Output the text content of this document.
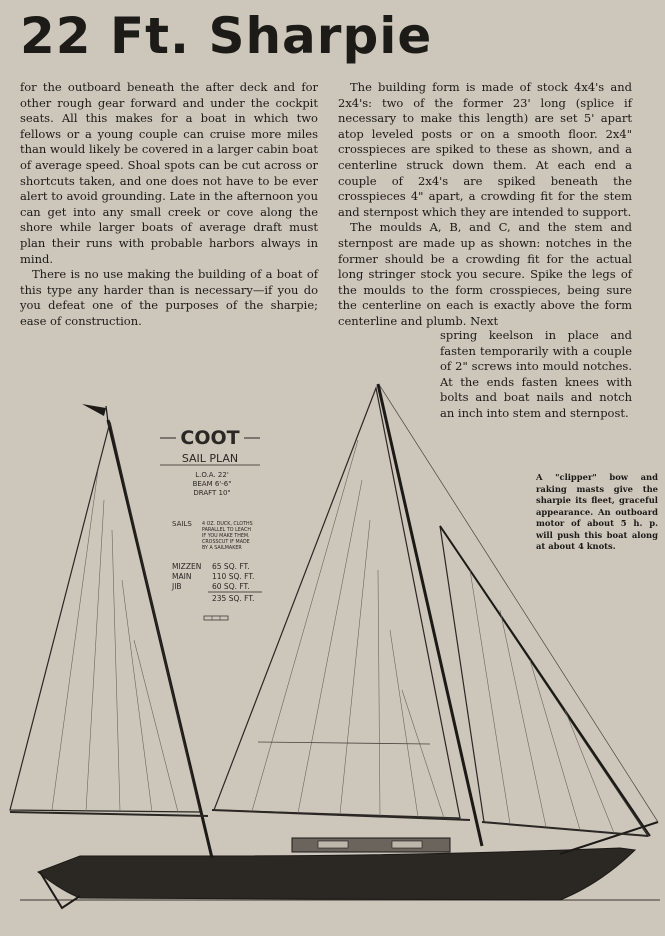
22 Ft. Sharpie

for the outboard beneath the after deck and for other rough gear forward and under the cockpit seats. All this makes for a boat in which two fellows or a young couple can cruise more miles than would likely be covered in a larger cabin boat of average speed. Shoal spots can be cut across or shortcuts taken, and one does not have to be ever alert to avoid grounding. Late in the afternoon you can get into any small creek or cove along the shore while larger boats of average draft must plan their runs with probable harbors always in mind.

There is no use making the building of a boat of this type any harder than is necessary—if you do you defeat one of the purposes of the sharpie; ease of construction.

The building form is made of stock 4x4's and 2x4's: two of the former 23' long (splice if necessary to make this length) are set 5' apart atop leveled posts or on a smooth floor. 2x4" crosspieces are spiked to these as shown, and a centerline struck down them. At each end a couple of 2x4's are spiked beneath the crosspieces 4" apart, a crowding fit for the stem and sternpost which they are intended to support.

The moulds A, B, and C, and the stem and sternpost are made up as shown: notches in the former should be a crowding fit for the actual long stringer stock you secure. Spike the legs of the moulds to the form crosspieces, being sure the centerline on each is exactly above the form centerline and plumb. Next

spring keelson in place and fasten temporarily with a couple of 2" screws into mould notches. At the ends fasten knees with bolts and boat nails and notch an inch into stem and sternpost.

A "clipper" bow and raking masts give the sharpie its fleet, graceful appearance. An outboard motor of about 5 h. p. will push this boat along at about 4 knots.
COOT
COOT
SAIL PLAN
L.O.A. 22'
BEAM 6'-6"
DRAFT 10"
SAILS 4 OZ. DUCK, CLOTHS
PARALLEL TO LEACH
IF YOU MAKE THEM.
CROSSCUT IF MADE
BY A SAILMAKER
MIZZEN 65 SQ. FT.
MAIN	110 SQ. FT.
JIB	60 SQ. FT.
235 SQ. FT.
